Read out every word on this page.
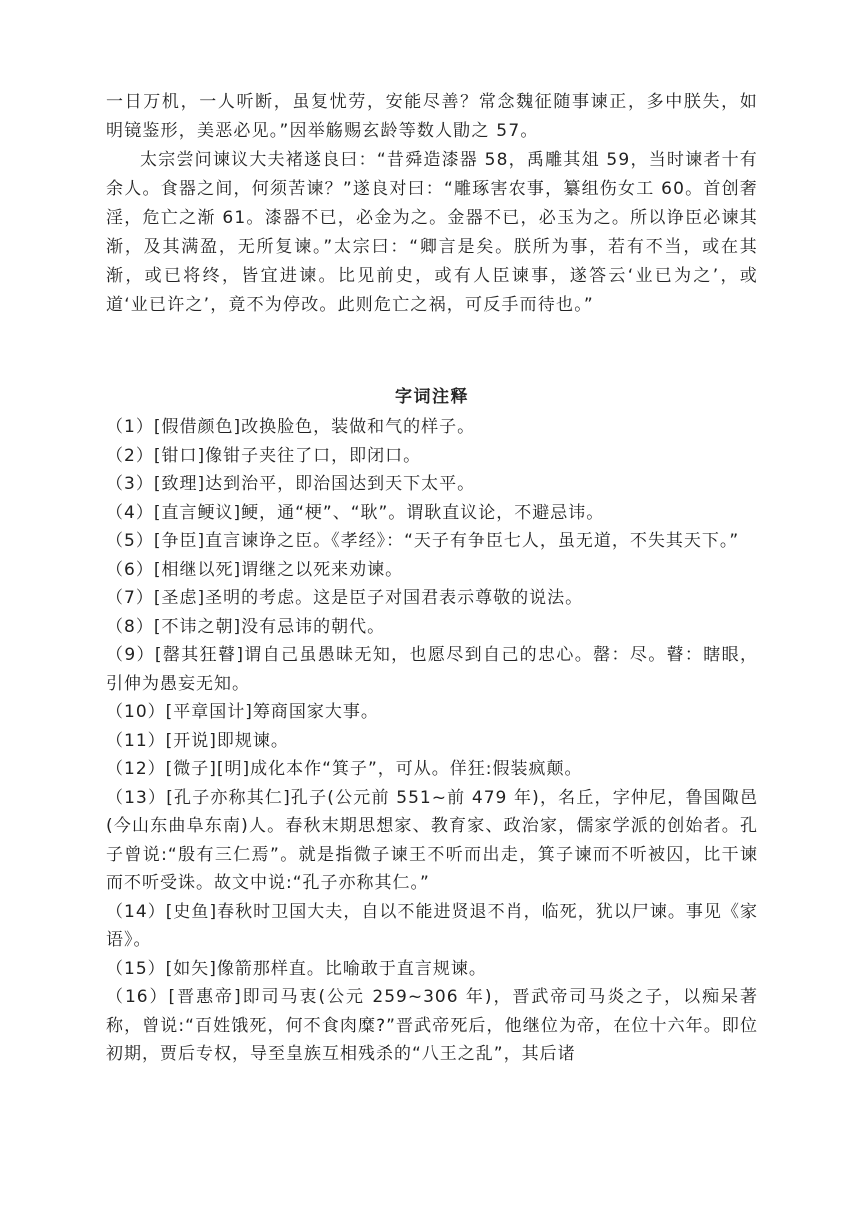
一日万机，一人听断，虽复忧劳，安能尽善？常念魏征随事谏正，多中朕失，如明镜鉴形，美恶必见。”因举觞赐玄龄等数人勖之 57。

太宗尝问谏议大夫褚遂良曰：“昔舜造漆器 58，禹雕其俎 59，当时谏者十有余人。食器之间，何须苦谏？”遂良对曰：“雕琢害农事，纂组伤女工 60。首创奢淫，危亡之渐 61。漆器不已，必金为之。金器不已，必玉为之。所以诤臣必谏其渐，及其满盈，无所复谏。”太宗曰：“卿言是矣。朕所为事，若有不当，或在其渐，或已将终，皆宜进谏。比见前史，或有人臣谏事，遂答云‘业已为之’，或道‘业已许之’，竟不为停改。此则危亡之祸，可反手而待也。”

字词注释
（1）[假借颜色]改换脸色，装做和气的样子。
（2）[钳口]像钳子夹往了口，即闭口。
（3）[致理]达到治平，即治国达到天下太平。
（4）[直言鲠议]鲠，通“梗”、“耿”。谓耿直议论，不避忌讳。
（5）[争臣]直言谏诤之臣。《孝经》：“天子有争臣七人，虽无道，不失其天下。”
（6）[相继以死]谓继之以死来劝谏。
（7）[圣虑]圣明的考虑。这是臣子对国君表示尊敬的说法。
（8）[不讳之朝]没有忌讳的朝代。
（9）[罄其狂瞽]谓自己虽愚昧无知，也愿尽到自己的忠心。罄：尽。瞽：瞎眼，引伸为愚妄无知。
（10）[平章国计]筹商国家大事。
（11）[开说]即规谏。
（12）[微子][明]成化本作“箕子”，可从。佯狂:假装疯颠。
（13）[孔子亦称其仁]孔子(公元前 551~前 479 年)，名丘，字仲尼，鲁国陬邑(今山东曲阜东南)人。春秋末期思想家、教育家、政治家，儒家学派的创始者。孔子曾说:“殷有三仁焉”。就是指微子谏王不听而出走，箕子谏而不听被囚，比干谏而不听受诛。故文中说:“孔子亦称其仁。”
（14）[史鱼]春秋时卫国大夫，自以不能进贤退不肖，临死，犹以尸谏。事见《家语》。
（15）[如矢]像箭那样直。比喻敢于直言规谏。
（16）[晋惠帝]即司马衷(公元 259~306 年)，晋武帝司马炎之子，以痴呆著称，曾说:“百姓饿死，何不食肉糜?”晋武帝死后，他继位为帝，在位十六年。即位初期，贾后专权，导至皇族互相残杀的“八王之乱”，其后诸
